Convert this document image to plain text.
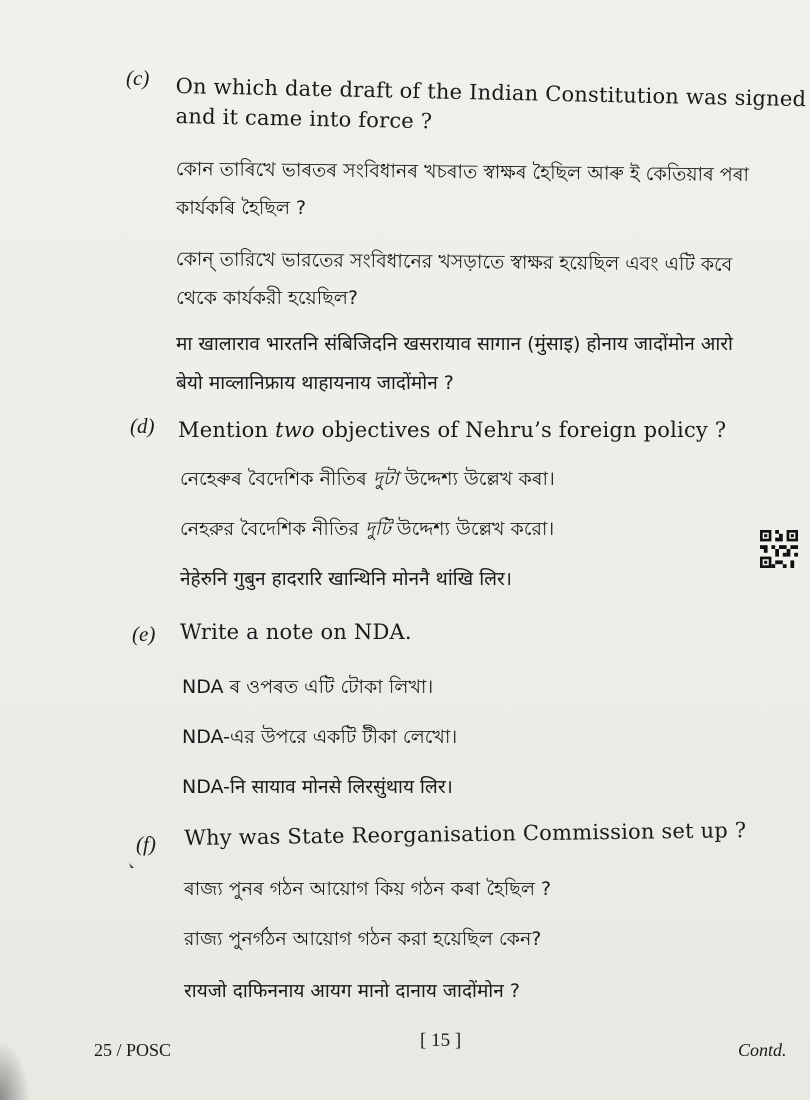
(c) On which date draft of the Indian Constitution was signed
and it came into force ?
কোন তাৰিখে ভাৰতৰ সংবিধানৰ খচৰাত স্বাক্ষৰ হৈছিল আৰু ই কেতিয়াৰ পৰা
কাৰ্যকৰি হৈছিল ?
কোন্‌ তারিখে ভারতের সংবিধানের খসড়াতে স্বাক্ষর হয়েছিল এবং এটি কবে
থেকে কার্যকরী হয়েছিল?
मा खालाराव भारतनि संबिजिदनि खसरायाव सागान (मुंसाइ) होनाय जादोंमोन आरो
बेयो माव्लानिफ्राय थाहायनाय जादोंमोन ?
(d) Mention two objectives of Nehru’s foreign policy ?
নেহেৰুৰ বৈদেশিক নীতিৰ দুটা উদ্দেশ্য উল্লেখ কৰা।
নেহরুর বৈদেশিক নীতির দুটি উদ্দেশ্য উল্লেখ করো।
नेहेरुनि गुबुन हादरारि खान्थिनि मोननै थांखि लिर।
(e) Write a note on NDA.
NDA ৰ ওপৰত এটি টোকা লিখা।
NDA-এর উপরে একটি টীকা লেখো।
NDA-नि सायाव मोनसे लिरसुंथाय लिर।
(f) Why was State Reorganisation Commission set up ?
ৰাজ্য পুনৰ গঠন আয়োগ কিয় গঠন কৰা হৈছিল ?
রাজ্য পুনর্গঠন আয়োগ গঠন করা হয়েছিল কেন?
रायजो दाफिननाय आयग मानो दानाय जादोंमोन ?
25 / POSC	[ 15 ]	Contd.
